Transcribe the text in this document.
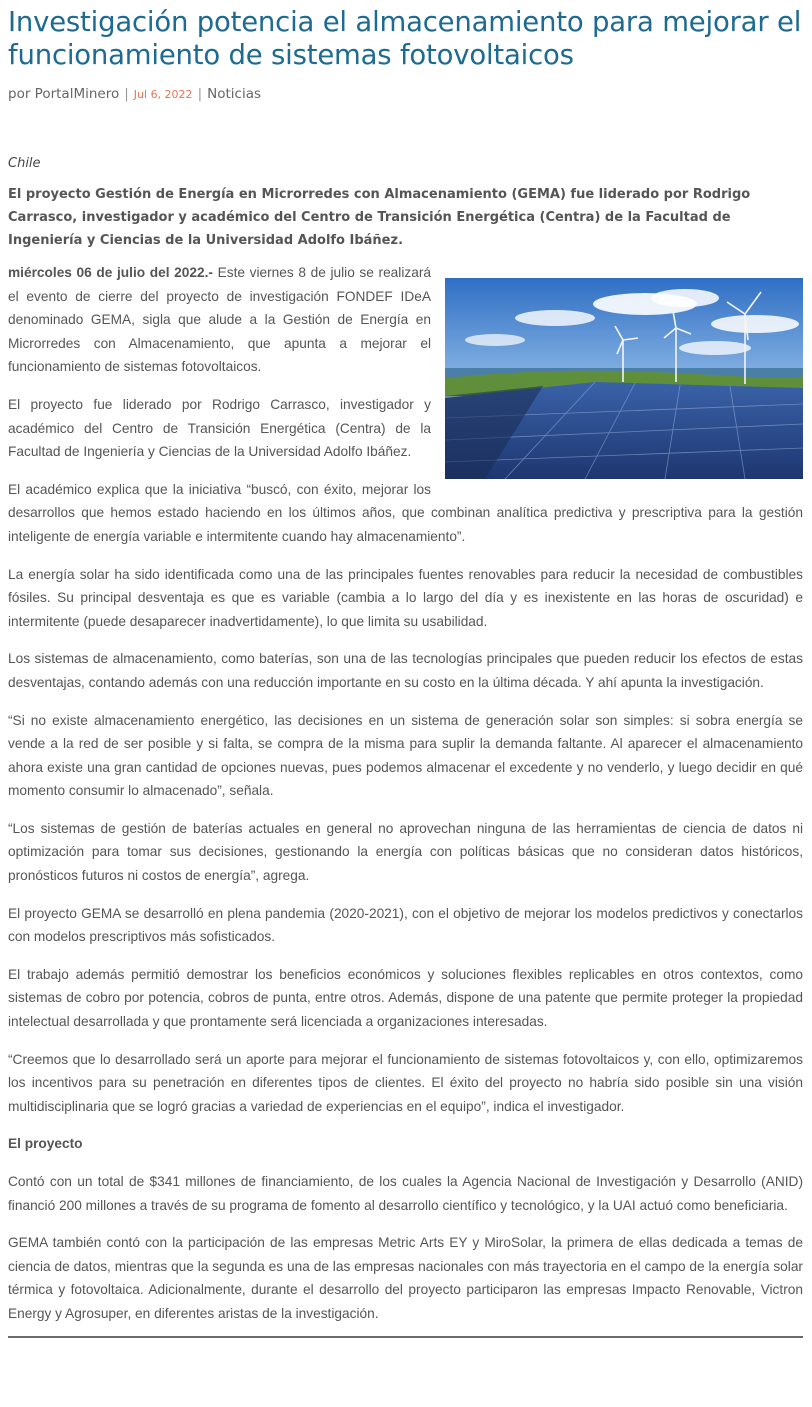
Investigación potencia el almacenamiento para mejorar el funcionamiento de sistemas fotovoltaicos
por PortalMinero | Jul 6, 2022 | Noticias
Chile
El proyecto Gestión de Energía en Microrredes con Almacenamiento (GEMA) fue liderado por Rodrigo Carrasco, investigador y académico del Centro de Transición Energética (Centra) de la Facultad de Ingeniería y Ciencias de la Universidad Adolfo Ibáñez.

miércoles 06 de julio del 2022.- Este viernes 8 de julio se realizará el evento de cierre del proyecto de investigación FONDEF IDeA denominado GEMA, sigla que alude a la Gestión de Energía en Microrredes con Almacenamiento, que apunta a mejorar el funcionamiento de sistemas fotovoltaicos.

El proyecto fue liderado por Rodrigo Carrasco, investigador y académico del Centro de Transición Energética (Centra) de la Facultad de Ingeniería y Ciencias de la Universidad Adolfo Ibáñez.

El académico explica que la iniciativa “buscó, con éxito, mejorar los desarrollos que hemos estado haciendo en los últimos años, que combinan analítica predictiva y prescriptiva para la gestión inteligente de energía variable e intermitente cuando hay almacenamiento”.

La energía solar ha sido identificada como una de las principales fuentes renovables para reducir la necesidad de combustibles fósiles. Su principal desventaja es que es variable (cambia a lo largo del día y es inexistente en las horas de oscuridad) e intermitente (puede desaparecer inadvertidamente), lo que limita su usabilidad.

Los sistemas de almacenamiento, como baterías, son una de las tecnologías principales que pueden reducir los efectos de estas desventajas, contando además con una reducción importante en su costo en la última década. Y ahí apunta la investigación.

“Si no existe almacenamiento energético, las decisiones en un sistema de generación solar son simples: si sobra energía se vende a la red de ser posible y si falta, se compra de la misma para suplir la demanda faltante. Al aparecer el almacenamiento ahora existe una gran cantidad de opciones nuevas, pues podemos almacenar el excedente y no venderlo, y luego decidir en qué momento consumir lo almacenado”, señala.

“Los sistemas de gestión de baterías actuales en general no aprovechan ninguna de las herramientas de ciencia de datos ni optimización para tomar sus decisiones, gestionando la energía con políticas básicas que no consideran datos históricos, pronósticos futuros ni costos de energía”, agrega.

El proyecto GEMA se desarrolló en plena pandemia (2020-2021), con el objetivo de mejorar los modelos predictivos y conectarlos con modelos prescriptivos más sofisticados.

El trabajo además permitió demostrar los beneficios económicos y soluciones flexibles replicables en otros contextos, como sistemas de cobro por potencia, cobros de punta, entre otros. Además, dispone de una patente que permite proteger la propiedad intelectual desarrollada y que prontamente será licenciada a organizaciones interesadas.

“Creemos que lo desarrollado será un aporte para mejorar el funcionamiento de sistemas fotovoltaicos y, con ello, optimizaremos los incentivos para su penetración en diferentes tipos de clientes. El éxito del proyecto no habría sido posible sin una visión multidisciplinaria que se logró gracias a variedad de experiencias en el equipo”, indica el investigador.

El proyecto

Contó con un total de $341 millones de financiamiento, de los cuales la Agencia Nacional de Investigación y Desarrollo (ANID) financió 200 millones a través de su programa de fomento al desarrollo científico y tecnológico, y la UAI actuó como beneficiaria.

GEMA también contó con la participación de las empresas Metric Arts EY y MiroSolar, la primera de ellas dedicada a temas de ciencia de datos, mientras que la segunda es una de las empresas nacionales con más trayectoria en el campo de la energía solar térmica y fotovoltaica. Adicionalmente, durante el desarrollo del proyecto participaron las empresas Impacto Renovable, Victron Energy y Agrosuper, en diferentes aristas de la investigación.
